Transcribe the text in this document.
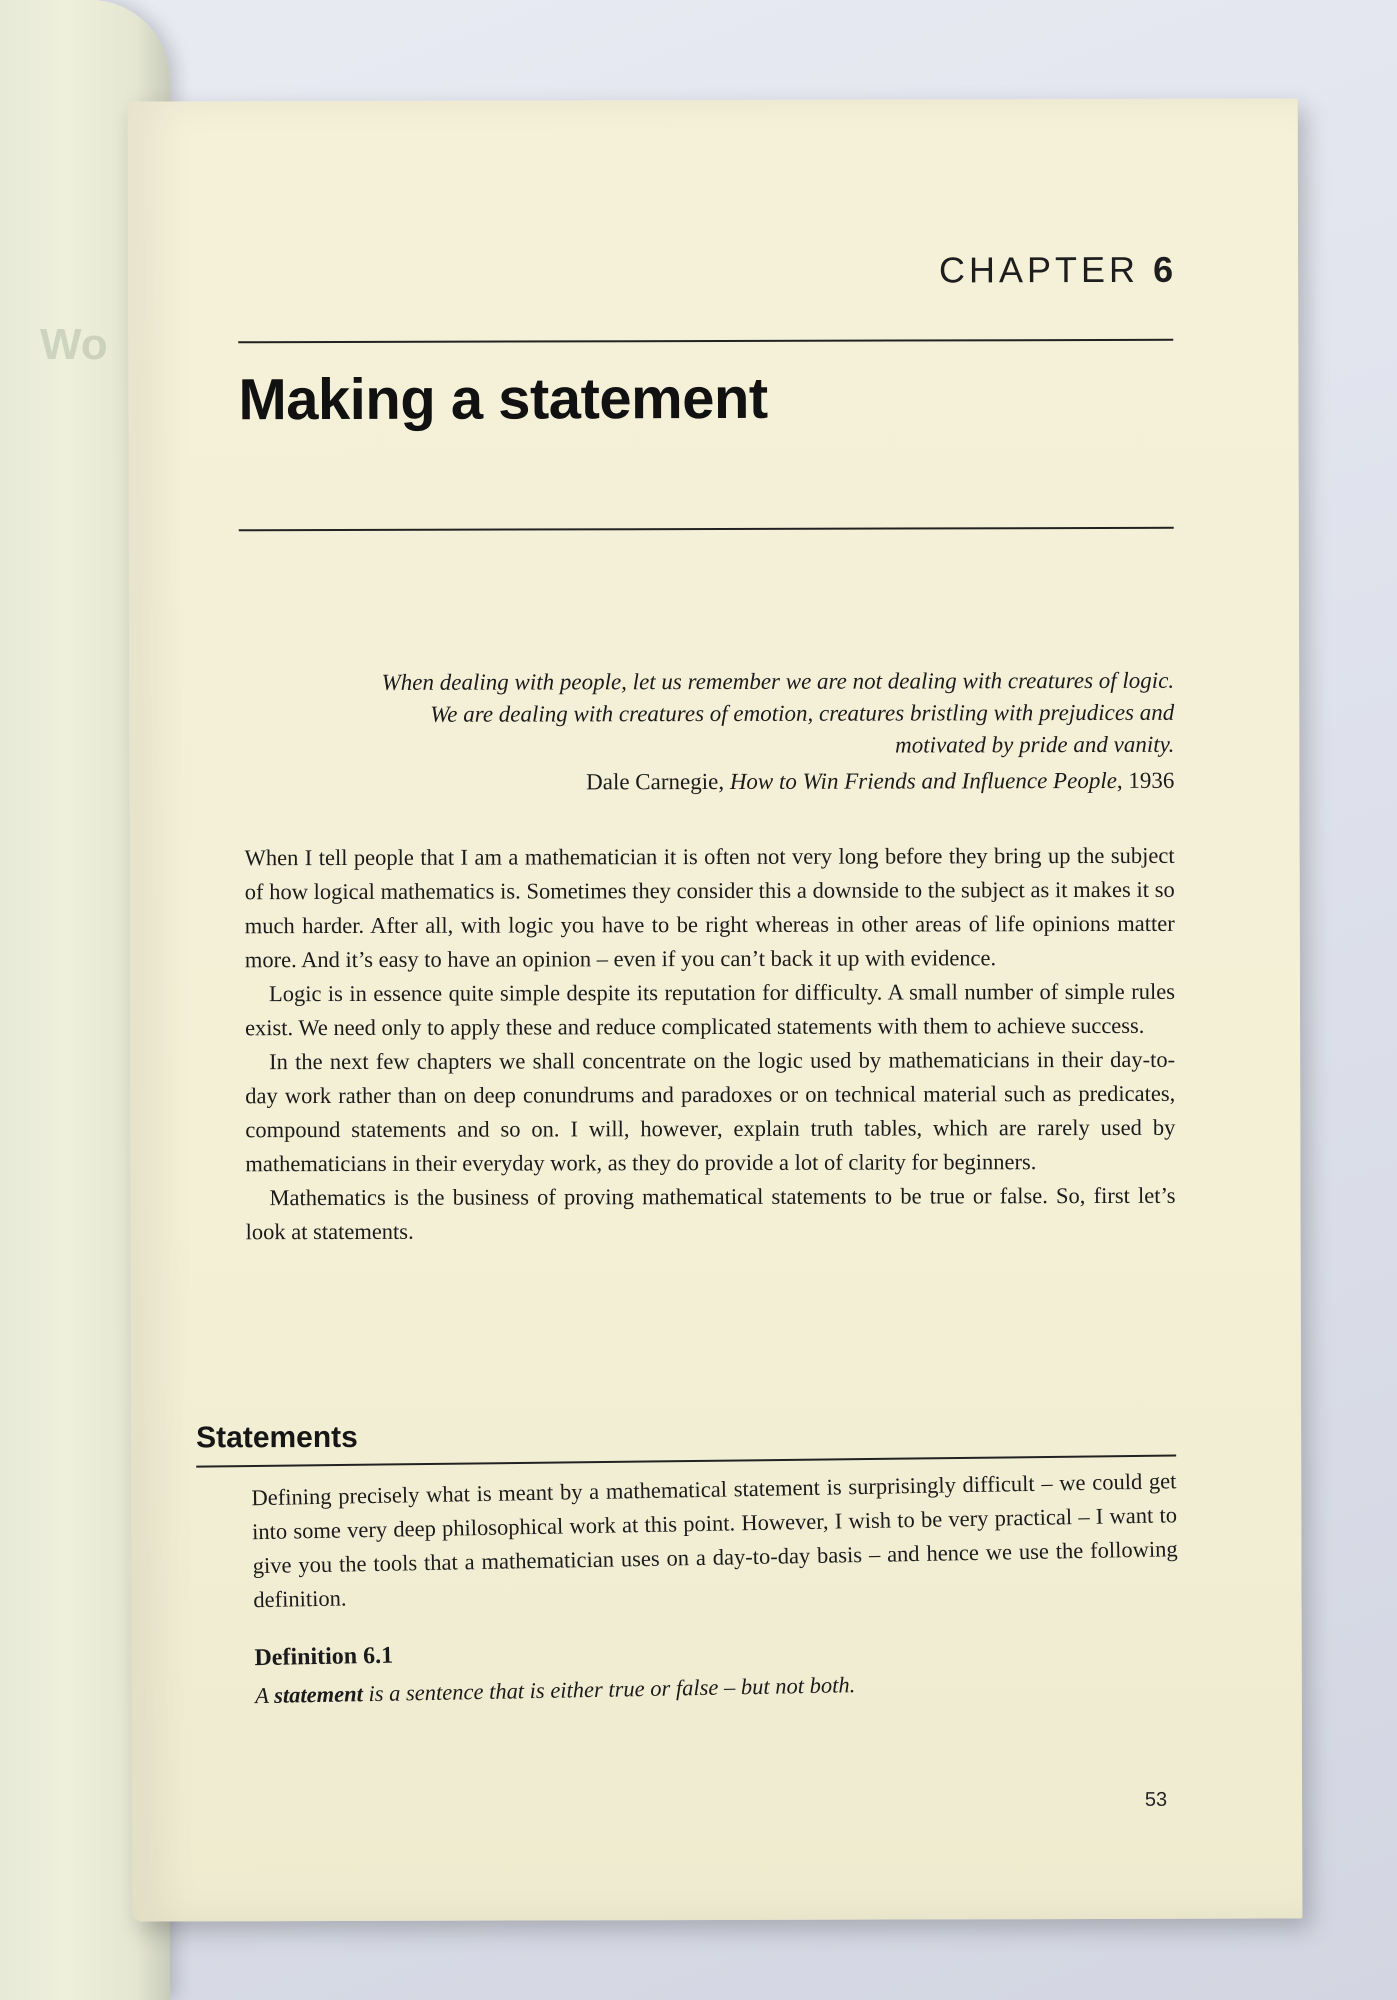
Wo
CHAPTER 6
Making a statement
When dealing with people, let us remember we are not dealing with creatures of logic.
We are dealing with creatures of emotion, creatures bristling with prejudices and
motivated by pride and vanity.
Dale Carnegie, How to Win Friends and Influence People, 1936

When I tell people that I am a mathematician it is often not very long before they bring up the subject of how logical mathematics is. Sometimes they consider this a downside to the subject as it makes it so much harder. After all, with logic you have to be right whereas in other areas of life opinions matter more. And it’s easy to have an opinion – even if you can’t back it up with evidence.

Logic is in essence quite simple despite its reputation for difficulty. A small number of simple rules exist. We need only to apply these and reduce complicated statements with them to achieve success.

In the next few chapters we shall concentrate on the logic used by mathematicians in their day-to-day work rather than on deep conundrums and paradoxes or on technical material such as predicates, compound statements and so on. I will, however, explain truth tables, which are rarely used by mathematicians in their everyday work, as they do provide a lot of clarity for beginners.

Mathematics is the business of proving mathematical statements to be true or false. So, first let’s look at statements.

Statements

Defining precisely what is meant by a mathematical statement is surprisingly difficult – we could get into some very deep philosophical work at this point. However, I wish to be very practical – I want to give you the tools that a mathematician uses on a day-to-day basis – and hence we use the following definition.

Definition 6.1
A statement is a sentence that is either true or false – but not both.
53
